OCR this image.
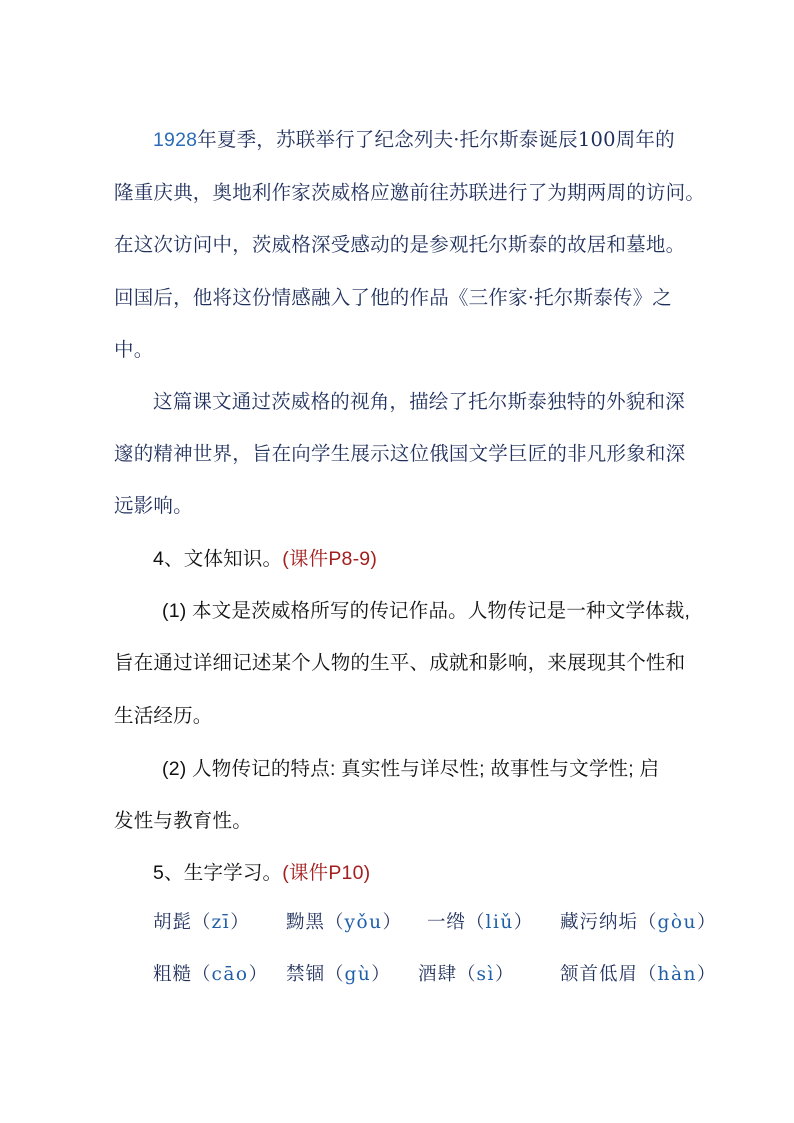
1928年夏季，苏联举行了纪念列夫·托尔斯泰诞辰100周年的
隆重庆典，奥地利作家茨威格应邀前往苏联进行了为期两周的访问。
在这次访问中，茨威格深受感动的是参观托尔斯泰的故居和墓地。
回国后，他将这份情感融入了他的作品《三作家·托尔斯泰传》之
中。
这篇课文通过茨威格的视角，描绘了托尔斯泰独特的外貌和深
邃的精神世界，旨在向学生展示这位俄国文学巨匠的非凡形象和深
远影响。
4、文体知识。(课件P8-9)
(1) 本文是茨威格所写的传记作品。人物传记是一种文学体裁,
旨在通过详细记述某个人物的生平、成就和影响，来展现其个性和
生活经历。
(2) 人物传记的特点: 真实性与详尽性; 故事性与文学性; 启
发性与教育性。
5、生字学习。(课件P10)
胡髭（zī） 黝黑（yǒu） 一绺（liǔ） 藏污纳垢（gòu）
粗糙（cāo） 禁锢（gù） 酒肆（sì） 颔首低眉（hàn）
